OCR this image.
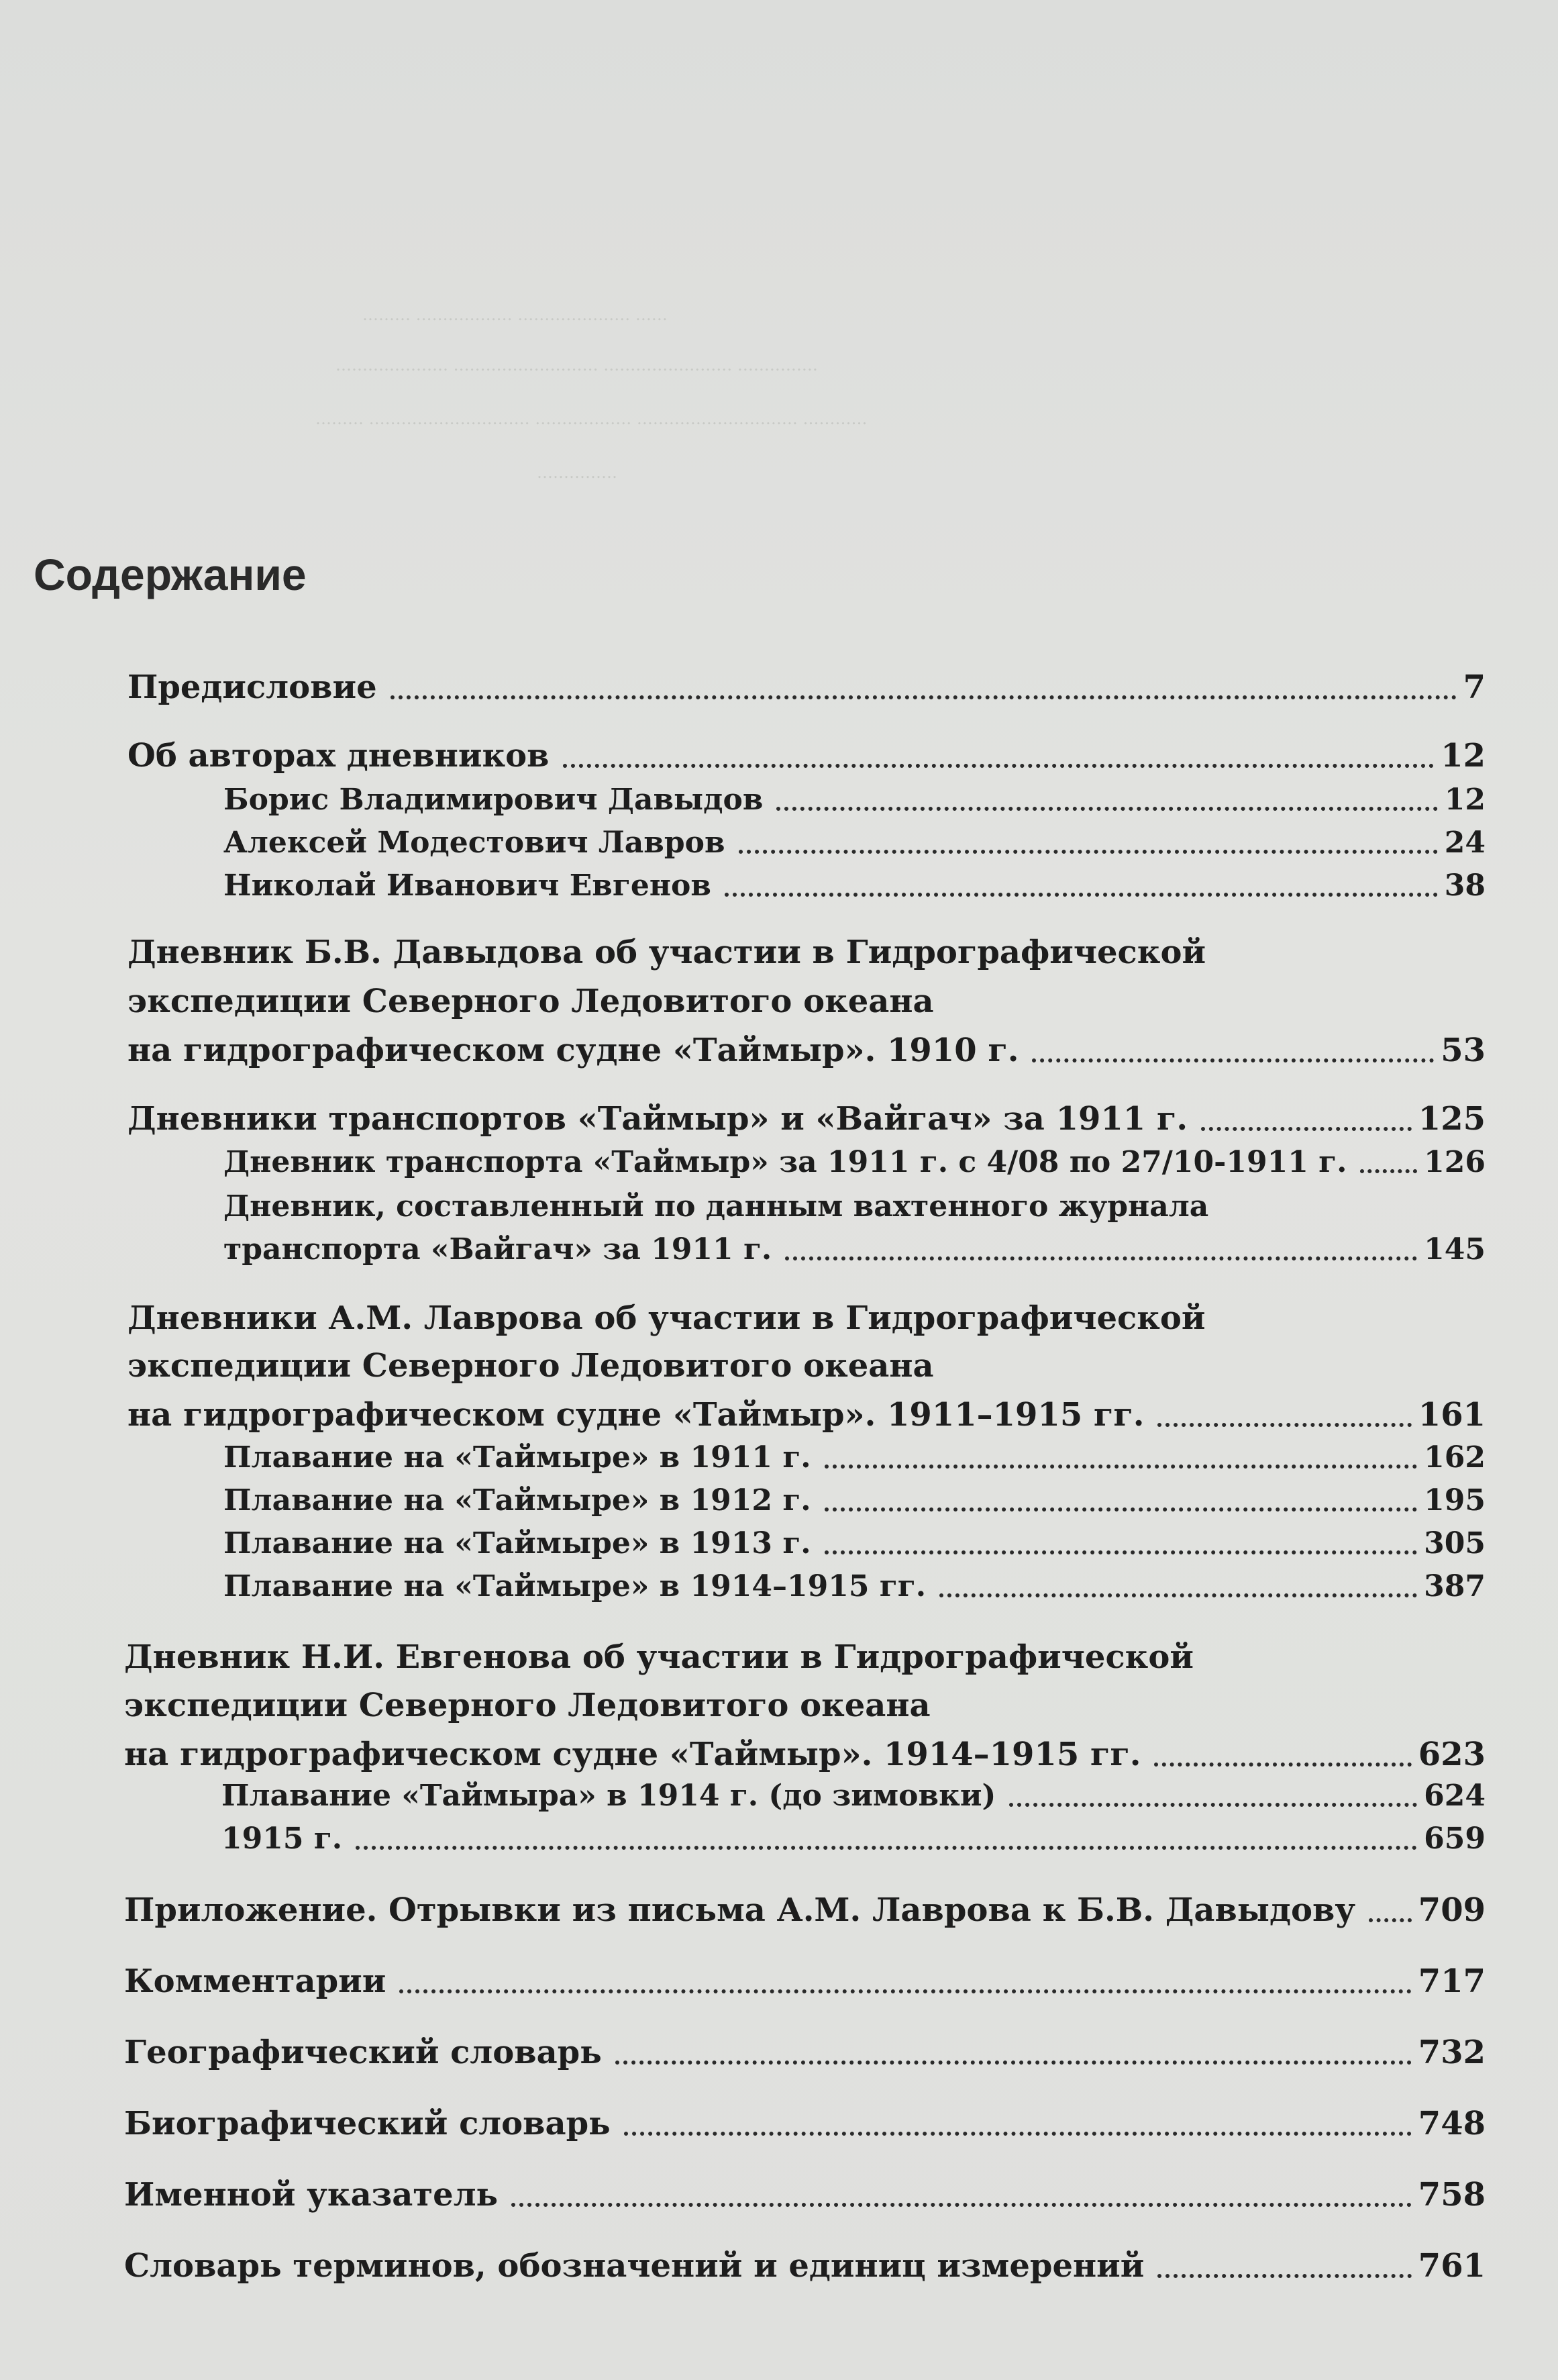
……… ……………… ………………… ……
………………… ……………………… …………………… ……………
……… ………………………… ……………… ………………………… …………
……………
Содержание
Предисловие	7
Об авторах дневников	12
Борис Владимирович Давыдов	12
Алексей Модестович Лавров	24
Николай Иванович Евгенов	38
Дневник Б.В. Давыдова об участии в Гидрографической
экспедиции Северного Ледовитого океана
на гидрографическом судне «Таймыр». 1910 г.	53
Дневники транспортов «Таймыр» и «Вайгач» за 1911 г.	125
Дневник транспорта «Таймыр» за 1911 г. с 4/08 по 27/10-1911 г.	126
Дневник, составленный по данным вахтенного журнала
транспорта «Вайгач» за 1911 г.	145
Дневники А.М. Лаврова об участии в Гидрографической
экспедиции Северного Ледовитого океана
на гидрографическом судне «Таймыр». 1911–1915 гг.	161
Плавание на «Таймыре» в 1911 г.	162
Плавание на «Таймыре» в 1912 г.	195
Плавание на «Таймыре» в 1913 г.	305
Плавание на «Таймыре» в 1914–1915 гг.	387
Дневник Н.И. Евгенова об участии в Гидрографической
экспедиции Северного Ледовитого океана
на гидрографическом судне «Таймыр». 1914–1915 гг.	623
Плавание «Таймыра» в 1914 г. (до зимовки)	624
1915 г.	659
Приложение. Отрывки из письма А.М. Лаврова к Б.В. Давыдову 709
Комментарии	717
Географический словарь	732
Биографический словарь	748
Именной указатель	758
Словарь терминов, обозначений и единиц измерений	761
